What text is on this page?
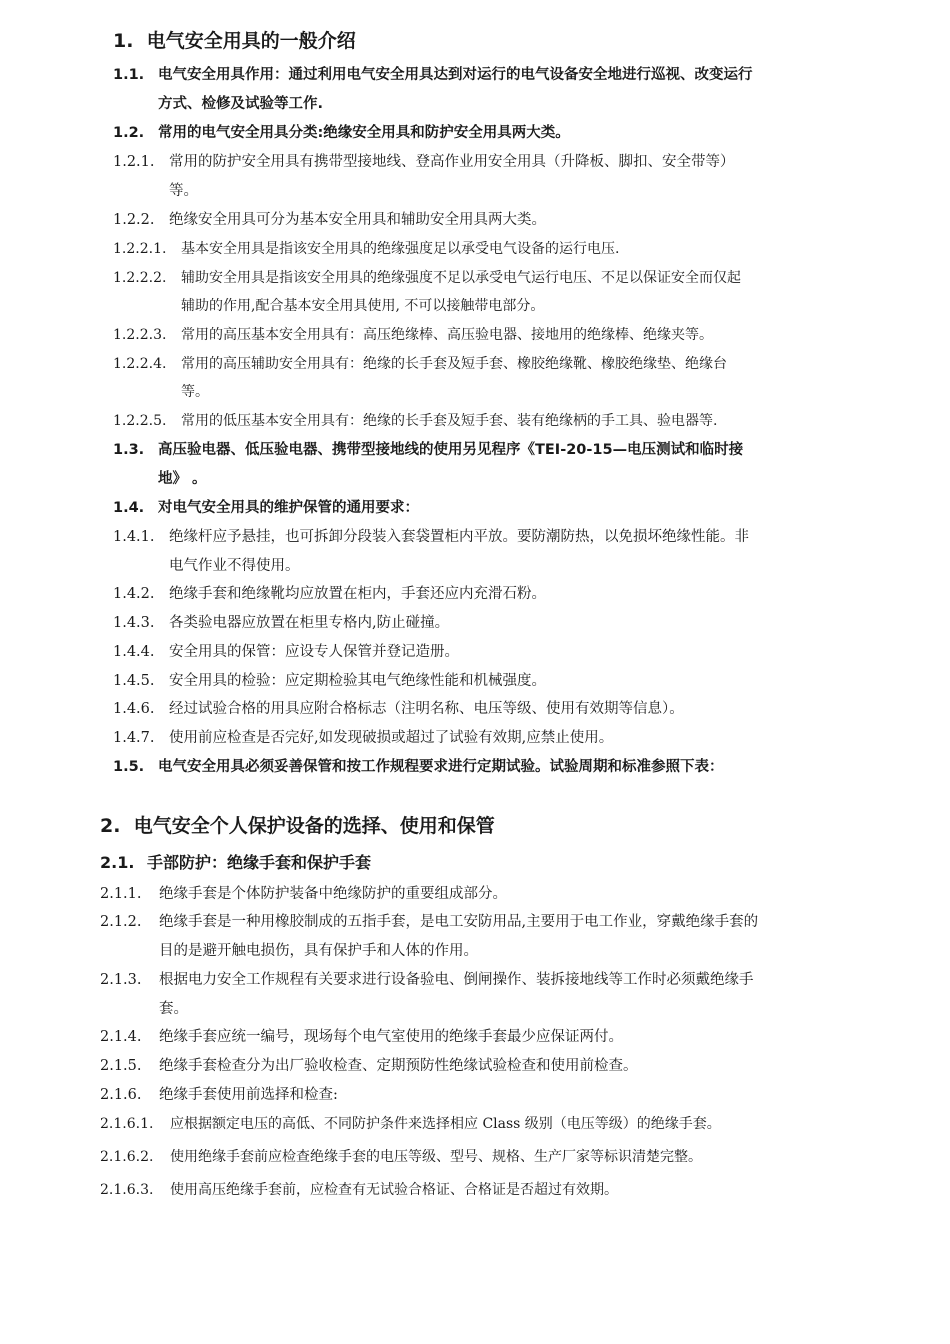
1. 电气安全用具的一般介绍
1.1. 电气安全用具作用：通过利用电气安全用具达到对运行的电气设备安全地进行巡视、改变运行
方式、检修及试验等工作.
1.2. 常用的电气安全用具分类:绝缘安全用具和防护安全用具两大类。
1.2.1. 常用的防护安全用具有携带型接地线、登高作业用安全用具（升降板、脚扣、安全带等）
等。
1.2.2. 绝缘安全用具可分为基本安全用具和辅助安全用具两大类。
1.2.2.1. 基本安全用具是指该安全用具的绝缘强度足以承受电气设备的运行电压.
1.2.2.2. 辅助安全用具是指该安全用具的绝缘强度不足以承受电气运行电压、不足以保证安全而仅起
辅助的作用,配合基本安全用具使用, 不可以接触带电部分。
1.2.2.3. 常用的高压基本安全用具有：高压绝缘棒、高压验电器、接地用的绝缘棒、绝缘夹等。
1.2.2.4. 常用的高压辅助安全用具有：绝缘的长手套及短手套、橡胶绝缘靴、橡胶绝缘垫、绝缘台
等。
1.2.2.5. 常用的低压基本安全用具有：绝缘的长手套及短手套、装有绝缘柄的手工具、验电器等.
1.3. 高压验电器、低压验电器、携带型接地线的使用另见程序《TEI-20-15—电压测试和临时接
地》 。
1.4. 对电气安全用具的维护保管的通用要求：
1.4.1. 绝缘杆应予悬挂，也可拆卸分段装入套袋置柜内平放。要防潮防热，以免损坏绝缘性能。非
电气作业不得使用。
1.4.2. 绝缘手套和绝缘靴均应放置在柜内，手套还应内充滑石粉。
1.4.3. 各类验电器应放置在柜里专格内,防止碰撞。
1.4.4. 安全用具的保管：应设专人保管并登记造册。
1.4.5. 安全用具的检验：应定期检验其电气绝缘性能和机械强度。
1.4.6. 经过试验合格的用具应附合格标志（注明名称、电压等级、使用有效期等信息）。
1.4.7. 使用前应检查是否完好,如发现破损或超过了试验有效期,应禁止使用。
1.5. 电气安全用具必须妥善保管和按工作规程要求进行定期试验。试验周期和标准参照下表：
2. 电气安全个人保护设备的选择、使用和保管
2.1. 手部防护：绝缘手套和保护手套
2.1.1. 绝缘手套是个体防护装备中绝缘防护的重要组成部分。
2.1.2. 绝缘手套是一种用橡胶制成的五指手套，是电工安防用品,主要用于电工作业，穿戴绝缘手套的
目的是避开触电损伤，具有保护手和人体的作用。
2.1.3. 根据电力安全工作规程有关要求进行设备验电、倒闸操作、装拆接地线等工作时必须戴绝缘手
套。
2.1.4. 绝缘手套应统一编号，现场每个电气室使用的绝缘手套最少应保证两付。
2.1.5. 绝缘手套检查分为出厂验收检查、定期预防性绝缘试验检查和使用前检查。
2.1.6. 绝缘手套使用前选择和检查:
2.1.6.1. 应根据额定电压的高低、不同防护条件来选择相应 Class 级别（电压等级）的绝缘手套。
2.1.6.2. 使用绝缘手套前应检查绝缘手套的电压等级、型号、规格、生产厂家等标识清楚完整。
2.1.6.3. 使用高压绝缘手套前，应检查有无试验合格证、合格证是否超过有效期。
